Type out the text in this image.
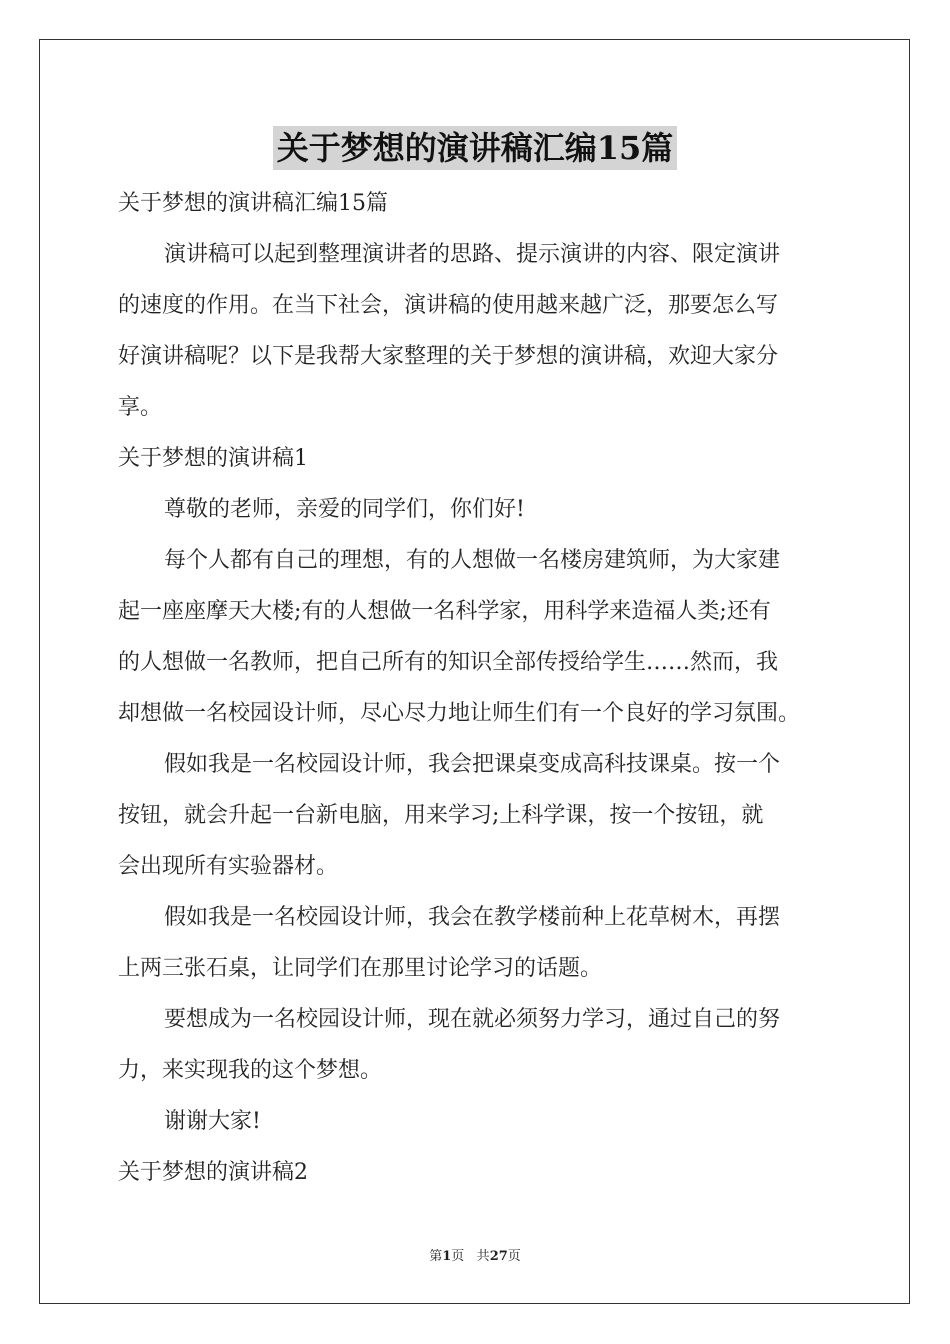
关于梦想的演讲稿汇编15篇
关于梦想的演讲稿汇编15篇
演讲稿可以起到整理演讲者的思路、提示演讲的内容、限定演讲
的速度的作用。在当下社会，演讲稿的使用越来越广泛，那要怎么写
好演讲稿呢？以下是我帮大家整理的关于梦想的演讲稿，欢迎大家分
享。
关于梦想的演讲稿1
尊敬的老师，亲爱的同学们，你们好!
每个人都有自己的理想，有的人想做一名楼房建筑师，为大家建
起一座座摩天大楼;有的人想做一名科学家，用科学来造福人类;还有
的人想做一名教师，把自己所有的知识全部传授给学生……然而，我
却想做一名校园设计师，尽心尽力地让师生们有一个良好的学习氛围。
假如我是一名校园设计师，我会把课桌变成高科技课桌。按一个
按钮，就会升起一台新电脑，用来学习;上科学课，按一个按钮，就
会出现所有实验器材。
假如我是一名校园设计师，我会在教学楼前种上花草树木，再摆
上两三张石桌，让同学们在那里讨论学习的话题。
要想成为一名校园设计师，现在就必须努力学习，通过自己的努
力，来实现我的这个梦想。
谢谢大家!
关于梦想的演讲稿2
第1页 共27页
